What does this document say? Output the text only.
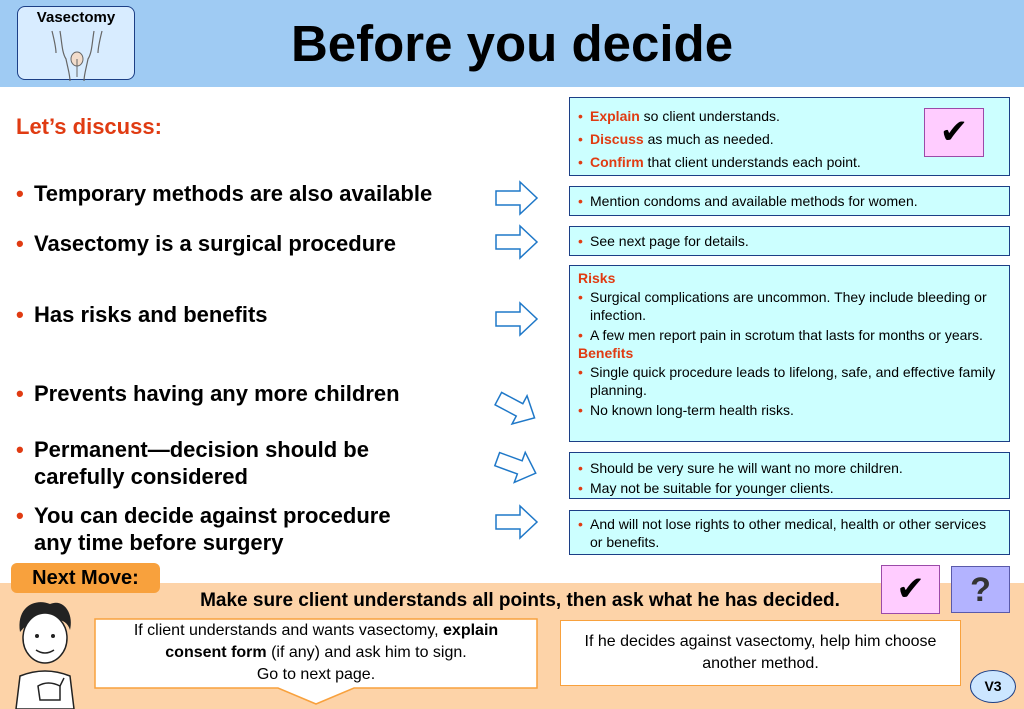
Vasectomy	Before you decide
Let’s discuss:
• Temporary methods are also available
• Vasectomy is a surgical procedure
• Has risks and benefits
• Prevents having any more children
• Permanent—decision should be
carefully considered
• You can decide against procedure
any time before surgery
• Explain so client understands.
• Discuss as much as needed.
• Confirm that client understands each point.
✔
• Mention condoms and available methods for women.
• See next page for details.
Risks
• Surgical complications are uncommon. They include bleeding or infection.
• A few men report pain in scrotum that lasts for months or years.
Benefits
• Single quick procedure leads to lifelong, safe, and effective family planning.
• No known long-term health risks.
• Should be very sure he will want no more children.
• May not be suitable for younger clients.
• And will not lose rights to other medical, health or other services or benefits.
Next Move:
Make sure client understands all points, then ask what he has decided.	✔	?
If client understands and wants vasectomy, explain consent form (if any) and ask him to sign.
Go to next page.
If he decides against vasectomy, help him choose another method.
V3
